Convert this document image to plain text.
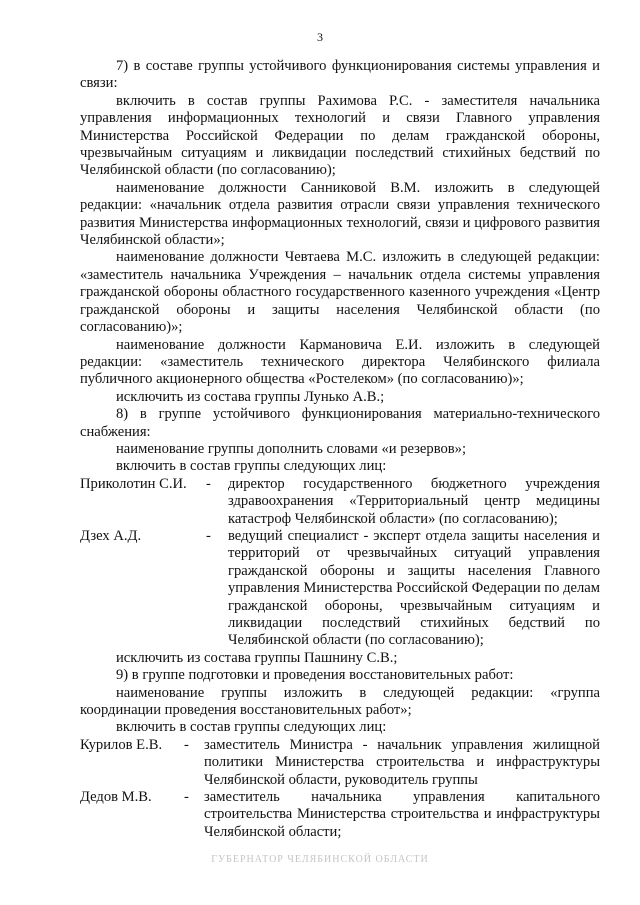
3

7) в составе группы устойчивого функционирования системы управления и связи:

включить в состав группы Рахимова Р.С. - заместителя начальника управления информационных технологий и связи Главного управления Министерства Российской Федерации по делам гражданской обороны, чрезвычайным ситуациям и ликвидации последствий стихийных бедствий по Челябинской области (по согласованию);

наименование должности Санниковой В.М. изложить в следующей редакции: «начальник отдела развития отрасли связи управления технического развития Министерства информационных технологий, связи и цифрового развития Челябинской области»;

наименование должности Чевтаева М.С. изложить в следующей редакции: «заместитель начальника Учреждения – начальник отдела системы управления гражданской обороны областного государственного казенного учреждения «Центр гражданской обороны и защиты населения Челябинской области (по согласованию)»;

наименование должности Кармановича Е.И. изложить в следующей редакции: «заместитель технического директора Челябинского филиала публичного акционерного общества «Ростелеком» (по согласованию)»;

исключить из состава группы Лунько А.В.;

8) в группе устойчивого функционирования материально-технического снабжения:

наименование группы дополнить словами «и резервов»;

включить в состав группы следующих лиц:

Приколотин С.И.	-	директор государственного бюджетного учреждения здравоохранения «Территориальный центр медицины катастроф Челябинской области» (по согласованию);
Дзех А.Д.	-	ведущий специалист - эксперт отдела защиты населения и территорий от чрезвычайных ситуаций управления гражданской обороны и защиты населения Главного управления Министерства Российской Федерации по делам гражданской обороны, чрезвычайным ситуациям и ликвидации последствий стихийных бедствий по Челябинской области (по согласованию);

исключить из состава группы Пашнину С.В.;

9) в группе подготовки и проведения восстановительных работ:

наименование группы изложить в следующей редакции: «группа координации проведения восстановительных работ»;

включить в состав группы следующих лиц:

Курилов Е.В.	-	заместитель Министра - начальник управления жилищной политики Министерства строительства и инфраструктуры Челябинской области, руководитель группы
Дедов М.В.	-	заместитель начальника управления капитального строительства Министерства строительства и инфраструктуры Челябинской области;
ГУБЕРНАТОР ЧЕЛЯБИНСКОЙ ОБЛАСТИ
